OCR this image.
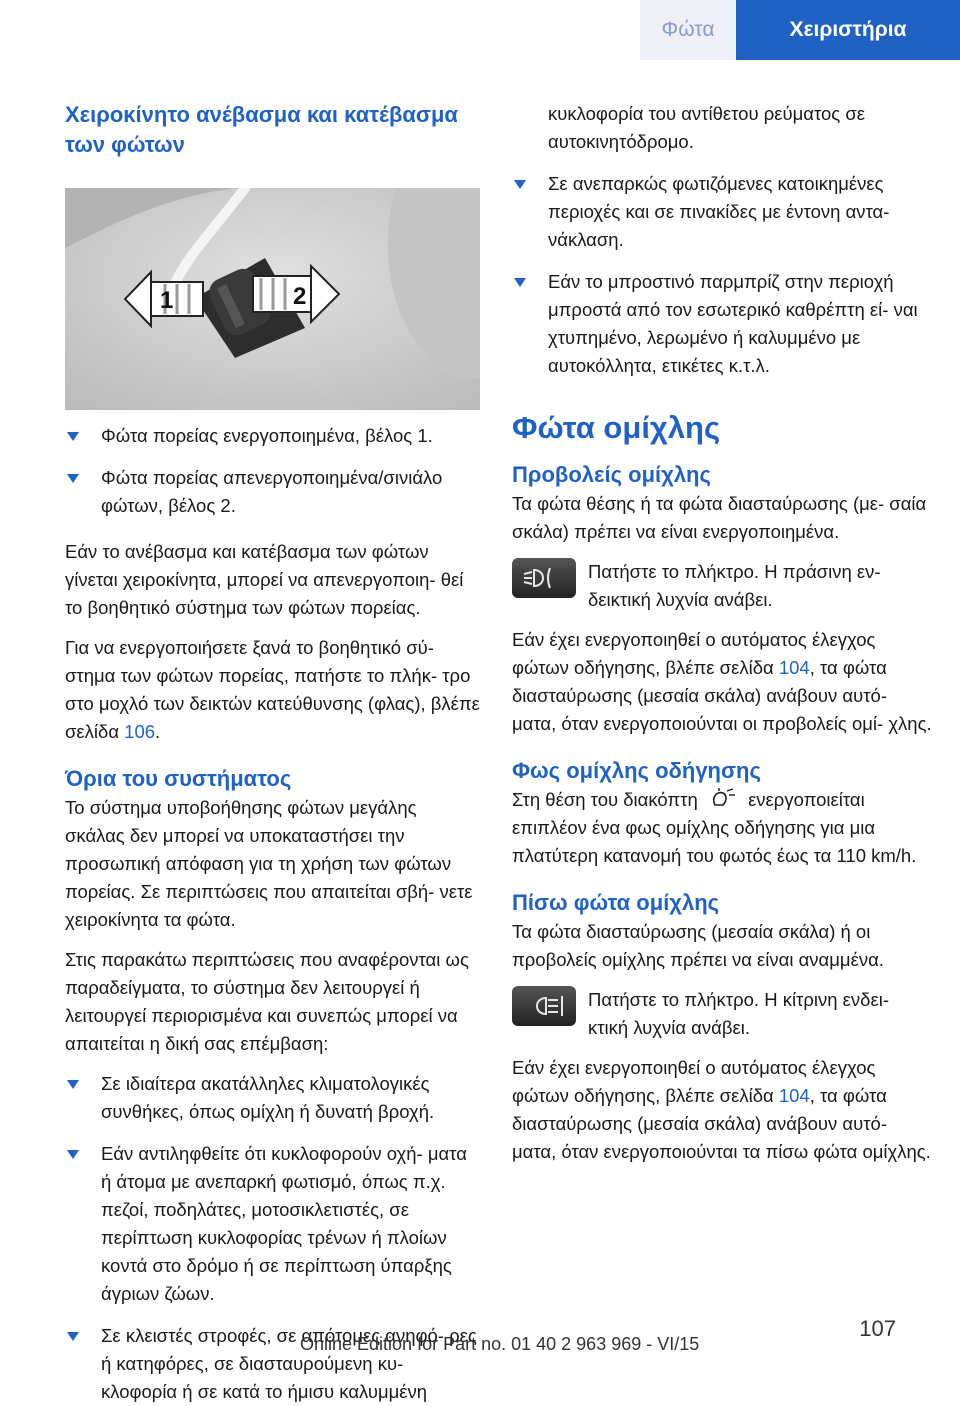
Φώτα	Χειριστήρια
Χειροκίνητο ανέβασμα και κατέβασμα των φώτων
1	2
Φώτα πορείας ενεργοποιημένα, βέλος 1.
Φώτα πορείας απενεργοποιημένα/σινιάλο φώτων, βέλος 2.

Εάν το ανέβασμα και κατέβασμα των φώτων γίνεται χειροκίνητα, μπορεί να απενεργοποιη‐ θεί το βοηθητικό σύστημα των φώτων πορείας.

Για να ενεργοποιήσετε ξανά το βοηθητικό σύ‐ στημα των φώτων πορείας, πατήστε το πλήκ‐ τρο στο μοχλό των δεικτών κατεύθυνσης (φλας), βλέπε σελίδα 106.

Όρια του συστήματος

Το σύστημα υποβοήθησης φώτων μεγάλης σκάλας δεν μπορεί να υποκαταστήσει την προσωπική απόφαση για τη χρήση των φώτων πορείας. Σε περιπτώσεις που απαιτείται σβή‐ νετε χειροκίνητα τα φώτα.

Στις παρακάτω περιπτώσεις που αναφέρονται ως παραδείγματα, το σύστημα δεν λειτουργεί ή λειτουργεί περιορισμένα και συνεπώς μπορεί να απαιτείται η δική σας επέμβαση:

Σε ιδιαίτερα ακατάλληλες κλιματολογικές συνθήκες, όπως ομίχλη ή δυνατή βροχή.
Εάν αντιληφθείτε ότι κυκλοφορούν οχή‐ ματα ή άτομα με ανεπαρκή φωτισμό, όπως π.χ. πεζοί, ποδηλάτες, μοτοσικλετιστές, σε περίπτωση κυκλοφορίας τρένων ή πλοίων κοντά στο δρόμο ή σε περίπτωση ύπαρξης άγριων ζώων.
Σε κλειστές στροφές, σε απότομες ανηφό‐ ρες ή κατηφόρες, σε διασταυρούμενη κυ‐ κλοφορία ή σε κατά το ήμισυ καλυμμένη
κυκλοφορία του αντίθετου ρεύματος σε αυτοκινητόδρομο.
Σε ανεπαρκώς φωτιζόμενες κατοικημένες περιοχές και σε πινακίδες με έντονη αντα‐ νάκλαση.
Εάν το μπροστινό παρμπρίζ στην περιοχή μπροστά από τον εσωτερικό καθρέπτη εί‐ ναι χτυπημένο, λερωμένο ή καλυμμένο με αυτοκόλλητα, ετικέτες κ.τ.λ.
Φώτα ομίχλης
Προβολείς ομίχλης

Τα φώτα θέσης ή τα φώτα διασταύρωσης (με‐ σαία σκάλα) πρέπει να είναι ενεργοποιημένα.

Πατήστε το πλήκτρο. Η πράσινη εν‐ δεικτική λυχνία ανάβει.

Εάν έχει ενεργοποιηθεί ο αυτόματος έλεγχος φώτων οδήγησης, βλέπε σελίδα 104, τα φώτα διασταύρωσης (μεσαία σκάλα) ανάβουν αυτό‐ ματα, όταν ενεργοποιούνται οι προβολείς ομί‐ χλης.

Φως ομίχλης οδήγησης

Στη θέση του διακόπτη	ενεργοποιείται επιπλέον ένα φως ομίχλης οδήγησης για μια πλατύτερη κατανομή του φωτός έως τα 110 km/h.

Πίσω φώτα ομίχλης

Τα φώτα διασταύρωσης (μεσαία σκάλα) ή οι προβολείς ομίχλης πρέπει να είναι αναμμένα.

Πατήστε το πλήκτρο. Η κίτρινη ενδει‐ κτική λυχνία ανάβει.

Εάν έχει ενεργοποιηθεί ο αυτόματος έλεγχος φώτων οδήγησης, βλέπε σελίδα 104, τα φώτα διασταύρωσης (μεσαία σκάλα) ανάβουν αυτό‐ ματα, όταν ενεργοποιούνται τα πίσω φώτα ομίχλης.

107
Online Edition for Part no. 01 40 2 963 969 - VI/15
